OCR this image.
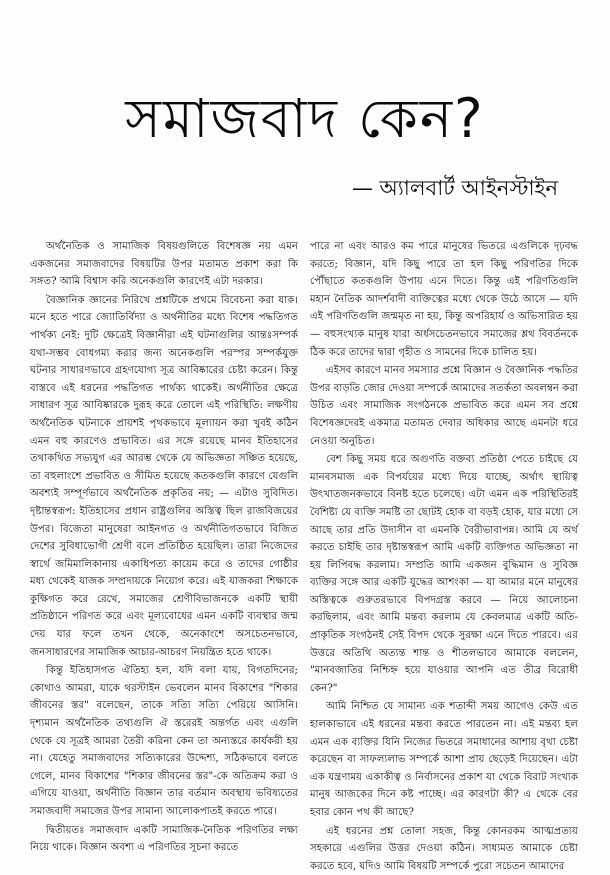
সমাজবাদ কেন?
— অ্যালবার্ট আইনস্টাইন

অর্থনৈতিক ও সামাজিক বিষয়গুলিতে বিশেষজ্ঞ নয় এমন একজনের সমাজবাদের বিষয়টির উপর মতামত প্রকাশ করা কি সঙ্গত? আমি বিশ্বাস করি অনেকগুলি কারণেই এটা দরকার।

বৈজ্ঞানিক জ্ঞানের নিরিখে প্রশ্নটিকে প্রথমে বিবেচনা করা যাক। মনে হতে পারে জ্যোতির্বিদ্যা ও অর্থনীতির মধ্যে বিশেষ পদ্ধতিগত পার্থক্য নেই: দুটি ক্ষেত্রেই বিজ্ঞানীরা এই ঘটনাগুলির আন্তঃসম্পর্ক যথা-সম্ভব বোধগম্য করার জন্য অনেকগুলি পরস্পর সম্পর্কযুক্ত ঘটনার সাধারণভাবে গ্রহণযোগ্য সূত্র আবিষ্কারের চেষ্টা করেন। কিন্তু বাস্তবে এই ধরনের পদ্ধতিগত পার্থক্য থাকেই। অর্থনীতির ক্ষেত্রে সাধারণ সূত্র আবিষ্কারকে দুরূহ করে তোলে এই পরিস্থিতি: লক্ষণীয় অর্থনৈতিক ঘটনাকে প্রায়শই পৃথকভাবে মূল্যায়ন করা খুবই কঠিন এমন বহু কারণেও প্রভাবিত। এর সঙ্গে রয়েছে মানব ইতিহাসের তথাকথিত সভ্যযুগ এর আরম্ভ থেকে যে অভিজ্ঞতা সঞ্চিত হয়েছে, তা বহুলাংশে প্রভাবিত ও সীমিত হয়েছে কতকগুলি কারণে যেগুলি অবশ্যই সম্পূর্ণভাবে অর্থনৈতিক প্রকৃতির নয়; — এটাও সুবিদিত। দৃষ্টান্তস্বরূপ: ইতিহাসের প্রধান রাষ্ট্রগুলির অস্তিত্ব ছিল রাজবিজয়ের উপর। বিজেতা মানুষেরা আইনগত ও অর্থনীতিগতভাবে বিজিত দেশের সুবিধাভোগী শ্রেণী বলে প্রতিষ্ঠিত হয়েছিল। তারা নিজেদের স্বার্থে জমিমালিকানায় একাধিপত্য কায়েম করে ও তাদের গোষ্ঠীর মধ্য থেকেই যাজক সম্প্রদায়কে নিয়োগ করে। এই যাজকরা শিক্ষাকে কুক্ষিগত করে রেখে, সমাজের শ্রেণীবিভাজনকে একটি স্থায়ী প্রতিষ্ঠানে পরিণত করে এবং মূল্যবোধের এমন একটি ব্যবস্থার জন্ম দেয় যার ফলে তখন থেকে, অনেকাংশে অসচেতনভাবে, জনসাধারণের সামাজিক আচার-আচরণ নিয়ন্ত্রিত হতে থাকে।

কিন্তু ইতিহাসগত ঐতিহ্য হল, যদি বলা যায়, বিগতদিনের; কোথাও আমরা, যাকে থরস্টাইন ভেবলেন মানব বিকাশের "শিকার জীবনের স্তর" বলেছেন, তাকে সত্যি সত্যি পেরিয়ে আসিনি। দৃশ্যমান অর্থনৈতিক তথ্যগুলি ঐ স্তরেরই অন্তর্গত এবং এগুলি থেকে যে সূত্রই আমরা তৈরী করিনা কেন তা অন্যস্তরে কার্যকরী হয় না। যেহেতু সমাজবাদের সত্যিকারের উদ্দেশ্য, সঠিকভাবে বলতে গেলে, মানব বিকাশের "শিকার জীবনের স্তর"-কে অতিক্রম করা ও এগিয়ে যাওয়া, অর্থনীতি বিজ্ঞান তার বর্তমান অবস্থায় ভবিষ্যতের সমাজবাদী সমাজের উপর সামান্য আলোকপাতই করতে পারে।

দ্বিতীয়তঃ সমাজবাদ একটি সামাজিক-নৈতিক পরিণতির লক্ষ্য নিয়ে থাকে। বিজ্ঞান অবশ্য এ পরিণতির সূচনা করতে

পারে না এবং আরও কম পারে মানুষের ভিতরে এগুলিকে দৃঢ়বদ্ধ করতে; বিজ্ঞান, যদি কিছু পারে তা হল কিছু পরিণতির দিকে পৌঁছাতে কতকগুলি উপায় এনে দিতে। কিন্তু এই পরিণতিগুলি মহান নৈতিক আদর্শবাদী ব্যক্তিত্বের মধ্যে থেকে উঠে আসে — যদি এই পরিণতিগুলি জন্মমৃত না হয়, কিন্তু অপরিহার্য ও অভিসারিত হয় — বহুসংখ্যক মানুষ যারা অর্ধসচেতনভাবে সমাজের শ্লথ বিবর্তনকে ঠিক করে তাদের দ্বারা গৃহীত ও সামনের দিকে চালিত হয়।

এইসব কারণে মানব সমস্যার প্রশ্নে বিজ্ঞান ও বৈজ্ঞানিক পদ্ধতির উপর বাড়তি জোর দেওয়া সম্পর্কে আমাদের সতর্কতা অবলম্বন করা উচিত এবং সামাজিক সংগঠনকে প্রভাবিত করে এমন সব প্রশ্নে বিশেষজ্ঞদেরই একমাত্র মতামত দেবার অধিকার আছে এমনটা ধরে নেওয়া অনুচিত।

বেশ কিছু সময় ধরে অগুণতি বক্তব্য প্রতিষ্ঠা পেতে চাইছে যে মানবসমাজ এক বিপর্যয়ের মধ্যে দিয়ে যাচ্ছে, অর্থাৎ স্থায়িত্ব উৎখাতজনকভাবে বিনষ্ট হতে চলেছে। এটা এমন এক পরিস্থিতিরই বৈশিষ্ট্য যে ব্যক্তি সমষ্টি তা ছোটই হোক বা বড়ই হোক, যার মধ্যে সে আছে তার প্রতি উদাসীন বা এমনকি বৈরীভাবাপন্ন। আমি যে অর্থ করতে চাইছি তার দৃষ্টান্তস্বরূপ আমি একটি ব্যক্তিগত অভিজ্ঞতা না হয় লিপিবদ্ধ করলাম। সম্প্রতি আমি একজন বুদ্ধিমান ও সুবিজ্ঞ ব্যক্তির সঙ্গে আর একটি যুদ্ধের আশংকা — যা আমার মনে মানুষের অস্তিত্বকে গুরুতরভাবে বিপদগ্রস্ত করবে — নিয়ে আলোচনা করছিলাম, এবং আমি মন্তব্য করলাম যে কেবলমাত্র একটি অতি-প্রাকৃতিক সংগঠনই সেই বিপদ থেকে সুরক্ষা এনে দিতে পারবে। এর উত্তরে অতিথি অত্যন্ত শান্ত ও শীতলভাবে আমাকে বললেন, "মানবজাতির নিশ্চিহ্ন হয়ে যাওয়ার আপনি এত তীব্র বিরোধী কেন?"

আমি নিশ্চিত যে সামান্য এক শতাব্দী সময় আগেও কেউ এত হালকাভাবে এই ধরনের মন্তব্য করতে পারতেন না। এই মন্তব্য হল এমন এক ব্যক্তির যিনি নিজের ভিতরে সমাধানের আশায় বৃথা চেষ্টা করেছেন বা সাফল্যলাভ সম্পর্কে আশা প্রায় ছেড়েই দিয়েছেন। এটা এক যন্ত্রণাময় একাকীত্ব ও নির্বাসনের প্রকাশ যা থেকে বিরাট সংখ্যক মানুষ আজকের দিনে কষ্ট পাচ্ছে। এর কারণটা কী? এ থেকে বের হবার কোন পথ কী আছে?

এই ধরনের প্রশ্ন তোলা সহজ, কিন্তু কোনরকম আত্মপ্রত্যয় সহকারে এগুলির উত্তর দেওয়া কঠিন। সাধ্যমত আমাকে চেষ্টা করতে হবে, যদিও আমি বিষয়টি সম্পর্কে পুরো সচেতন আমাদের
